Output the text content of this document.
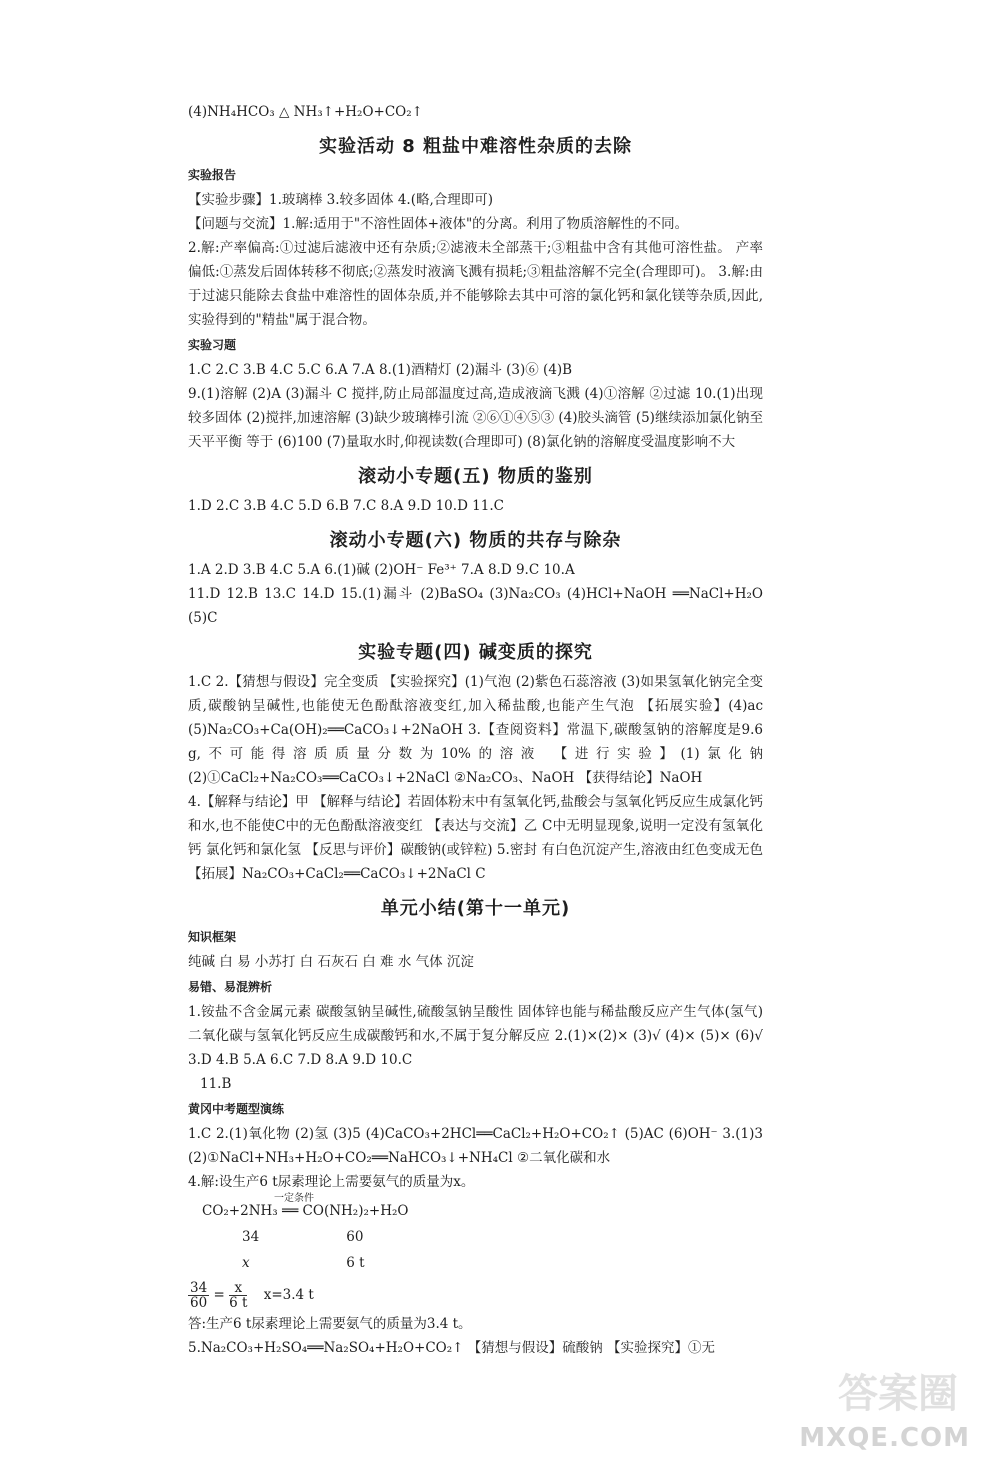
(4)NH₄HCO₃ △ NH₃↑+H₂O+CO₂↑

实验活动 8 粗盐中难溶性杂质的去除
实验报告

【实验步骤】1.玻璃棒 3.较多固体 4.(略,合理即可)

【问题与交流】1.解:适用于"不溶性固体+液体"的分离。利用了物质溶解性的不同。

2.解:产率偏高:①过滤后滤液中还有杂质;②滤液未全部蒸干;③粗盐中含有其他可溶性盐。 产率偏低:①蒸发后固体转移不彻底;②蒸发时液滴飞溅有损耗;③粗盐溶解不完全(合理即可)。 3.解:由于过滤只能除去食盐中难溶性的固体杂质,并不能够除去其中可溶的氯化钙和氯化镁等杂质,因此,实验得到的"精盐"属于混合物。

实验习题

1.C 2.C 3.B 4.C 5.C 6.A 7.A 8.(1)酒精灯 (2)漏斗 (3)⑥ (4)B

9.(1)溶解 (2)A (3)漏斗 C 搅拌,防止局部温度过高,造成液滴飞溅 (4)①溶解 ②过滤 10.(1)出现较多固体 (2)搅拌,加速溶解 (3)缺少玻璃棒引流 ②⑥①④⑤③ (4)胶头滴管 (5)继续添加氯化钠至天平平衡 等于 (6)100 (7)量取水时,仰视读数(合理即可) (8)氯化钠的溶解度受温度影响不大

滚动小专题(五) 物质的鉴别

1.D 2.C 3.B 4.C 5.D 6.B 7.C 8.A 9.D 10.D 11.C

滚动小专题(六) 物质的共存与除杂

1.A 2.D 3.B 4.C 5.A 6.(1)碱 (2)OH⁻ Fe³⁺ 7.A 8.D 9.C 10.A

11.D 12.B 13.C 14.D 15.(1)漏斗 (2)BaSO₄ (3)Na₂CO₃ (4)HCl+NaOH ══NaCl+H₂O (5)C

实验专题(四) 碱变质的探究

1.C 2.【猜想与假设】完全变质 【实验探究】(1)气泡 (2)紫色石蕊溶液 (3)如果氢氧化钠完全变质,碳酸钠呈碱性,也能使无色酚酞溶液变红,加入稀盐酸,也能产生气泡 【拓展实验】(4)ac (5)Na₂CO₃+Ca(OH)₂══CaCO₃↓+2NaOH 3.【查阅资料】常温下,碳酸氢钠的溶解度是9.6 g,不可能得溶质质量分数为10%的溶液 【进行实验】(1)氯化钠 (2)①CaCl₂+Na₂CO₃══CaCO₃↓+2NaCl ②Na₂CO₃、NaOH 【获得结论】NaOH

4.【解释与结论】甲 【解释与结论】若固体粉末中有氢氧化钙,盐酸会与氢氧化钙反应生成氯化钙和水,也不能使C中的无色酚酞溶液变红 【表达与交流】乙 C中无明显现象,说明一定没有氢氧化钙 氯化钙和氯化氢 【反思与评价】碳酸钠(或锌粒) 5.密封 有白色沉淀产生,溶液由红色变成无色 【拓展】Na₂CO₃+CaCl₂══CaCO₃↓+2NaCl C

单元小结(第十一单元)
知识框架

纯碱 白 易 小苏打 白 石灰石 白 难 水 气体 沉淀

易错、易混辨析

1.铵盐不含金属元素 碳酸氢钠呈碱性,硫酸氢钠呈酸性 固体锌也能与稀盐酸反应产生气体(氢气) 二氧化碳与氢氧化钙反应生成碳酸钙和水,不属于复分解反应 2.(1)×(2)× (3)√ (4)× (5)× (6)√ 3.D 4.B 5.A 6.C 7.D 8.A 9.D 10.C

11.B

黄冈中考题型演练

1.C 2.(1)氧化物 (2)氢 (3)5 (4)CaCO₃+2HCl══CaCl₂+H₂O+CO₂↑ (5)AC (6)OH⁻ 3.(1)3 (2)①NaCl+NH₃+H₂O+CO₂══NaHCO₃↓+NH₄Cl ②二氧化碳和水

4.解:设生产6 t尿素理论上需要氨气的质量为x。

一定条件
CO₂+2NH₃ ══ CO(NH₂)₂+H₂O
34	60
x	6 t
$\frac{34}{60} = \frac{x}{6 t} x=3.4$ t

答:生产6 t尿素理论上需要氨气的质量为3.4 t。

5.Na₂CO₃+H₂SO₄══Na₂SO₄+H₂O+CO₂↑ 【猜想与假设】硫酸钠 【实验探究】①无

答案圈
MXQE.COM
